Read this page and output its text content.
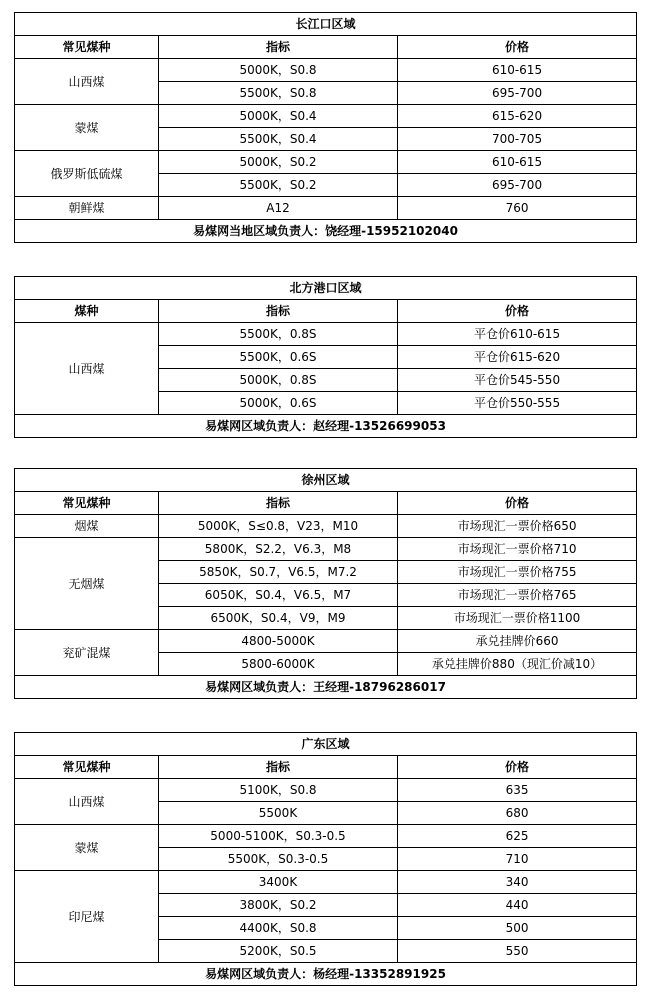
长江口区域		
常见煤种	指标	价格
山西煤	5000K，S0.8	610-615
	5500K，S0.8	695-700
蒙煤	5000K，S0.4	615-620
	5500K，S0.4	700-705
俄罗斯低硫煤	5000K，S0.2	610-615
	5500K，S0.2	695-700
朝鲜煤	A12	760
易煤网当地区域负责人：饶经理-15952102040		
北方港口区域		
煤种	指标	价格
山西煤	5500K，0.8S	平仓价610-615
	5500K，0.6S	平仓价615-620
	5000K，0.8S	平仓价545-550
	5000K，0.6S	平仓价550-555
易煤网区域负责人：赵经理-13526699053		
徐州区域		
常见煤种	指标	价格
烟煤	5000K，S≤0.8，V23，M10	市场现汇一票价格650
无烟煤	5800K，S2.2，V6.3，M8	市场现汇一票价格710
	5850K，S0.7，V6.5，M7.2	市场现汇一票价格755
	6050K，S0.4，V6.5，M7	市场现汇一票价格765
	6500K，S0.4，V9，M9	市场现汇一票价格1100
兖矿混煤	4800-5000K	承兑挂牌价660
	5800-6000K	承兑挂牌价880（现汇价减10）
易煤网区域负责人：王经理-18796286017		
广东区域		
常见煤种	指标	价格
山西煤	5100K，S0.8	635
	5500K	680
蒙煤	5000-5100K，S0.3-0.5	625
	5500K，S0.3-0.5	710
印尼煤	3400K	340
	3800K，S0.2	440
	4400K，S0.8	500
	5200K，S0.5	550
易煤网区域负责人：杨经理-13352891925		
